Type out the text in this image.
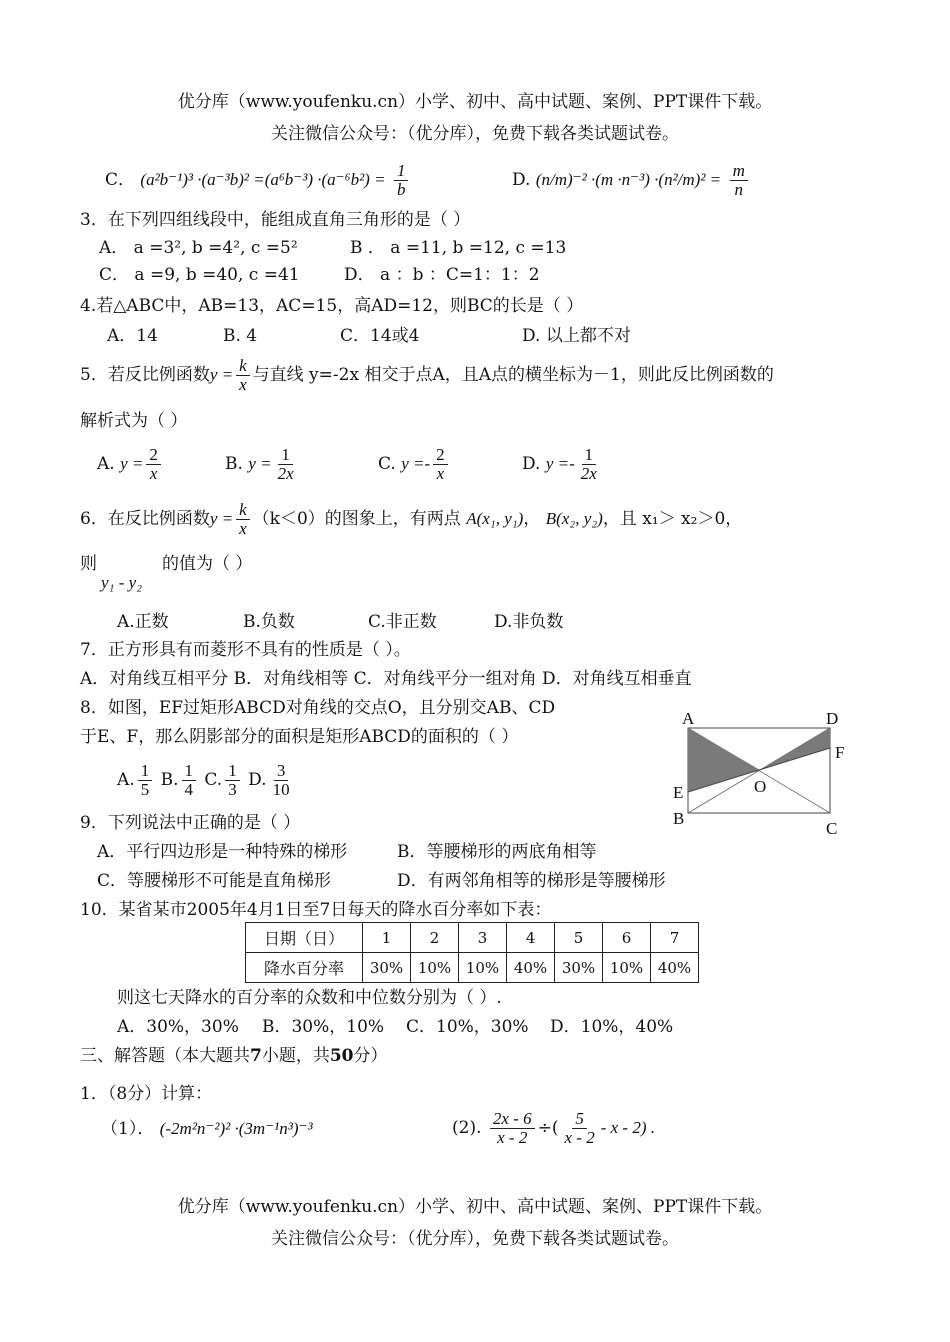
优分库（www.youfenku.cn）小学、初中、高中试题、案例、PPT课件下载。
关注微信公众号：（优分库），免费下载各类试题试卷。
C． $(a^2b^{-1})^3 \cdot(a^{-3}b)^2 =(a^6b^{-3}) \cdot(a^{-6}b^2) = \frac{1}{b}$	D. $(n/m)^{-2} \cdot(m \cdot n^{-3}) \cdot(n^2/m)^2 = \frac{m}{n}$
3．在下列四组线段中，能组成直角三角形的是（ ）
A． a =3², b =4², c =5²	B ． a =11, b =12, c =13
C． a =9, b =40, c =41	D． a ：b ：C=1：1：2
4.若△ABC中，AB=13，AC=15，高AD=12，则BC的长是（ ）
A．14	B. 4	C．14或4	D. 以上都不对
5．若反比例函数$y = \frac{k}{x}$ 与直线 y=-2x 相交于点A，且A点的横坐标为－1，则此反比例函数的
解析式为（ ）
A. $y = \frac{2}{x}$	B. $y = \frac{1}{2x}$	C. $y =- \frac{2}{x}$	D. $y =- \frac{1}{2x}$
6．在反比例函数$y = \frac{k}{x} (k<0)$的图象上，有两点 A(x₁, y₁)， B(x₂, y₂)，且 x₁＞ x₂＞0，
则
y₁ - y₂
的值为（ ）
A.正数	B.负数	C.非正数	D.非负数
7．正方形具有而菱形不具有的性质是（ ）。
A．对角线互相平分 B．对角线相等 C．对角线平分一组对角 D．对角线互相垂直
8．如图，EF过矩形ABCD对角线的交点O，且分别交AB、CD
于E、F，那么阴影部分的面积是矩形ABCD的面积的（ ）
A. $\frac{1}{5} B$. $\frac{1}{4} C$. $\frac{1}{3} D$. $\frac{3}{10}$
A	D
F
O
E
B
C
9．下列说法中正确的是（ ）
A．平行四边形是一种特殊的梯形	B．等腰梯形的两底角相等
C．等腰梯形不可能是直角梯形	D．有两邻角相等的梯形是等腰梯形
10．某省某市2005年4月1日至7日每天的降水百分率如下表：
日期（日）	1	2	3	4	5	6	7
降水百分率	30%	10%	10%	40%	30%	10%	40%
则这七天降水的百分率的众数和中位数分别为（ ）.
A．30%，30% B．30%，10% C．10%，30% D．10%，40%
三、解答题（本大题共7小题，共50分）
1．（8分）计算：
（1）． (-2m²n⁻²)² ·(3m⁻¹n³)⁻³	(2). $\frac{2x - 6}{x - 2}$ ÷( $\frac{5}{x - 2}$ - x - 2) .
优分库（www.youfenku.cn）小学、初中、高中试题、案例、PPT课件下载。
关注微信公众号：（优分库），免费下载各类试题试卷。
